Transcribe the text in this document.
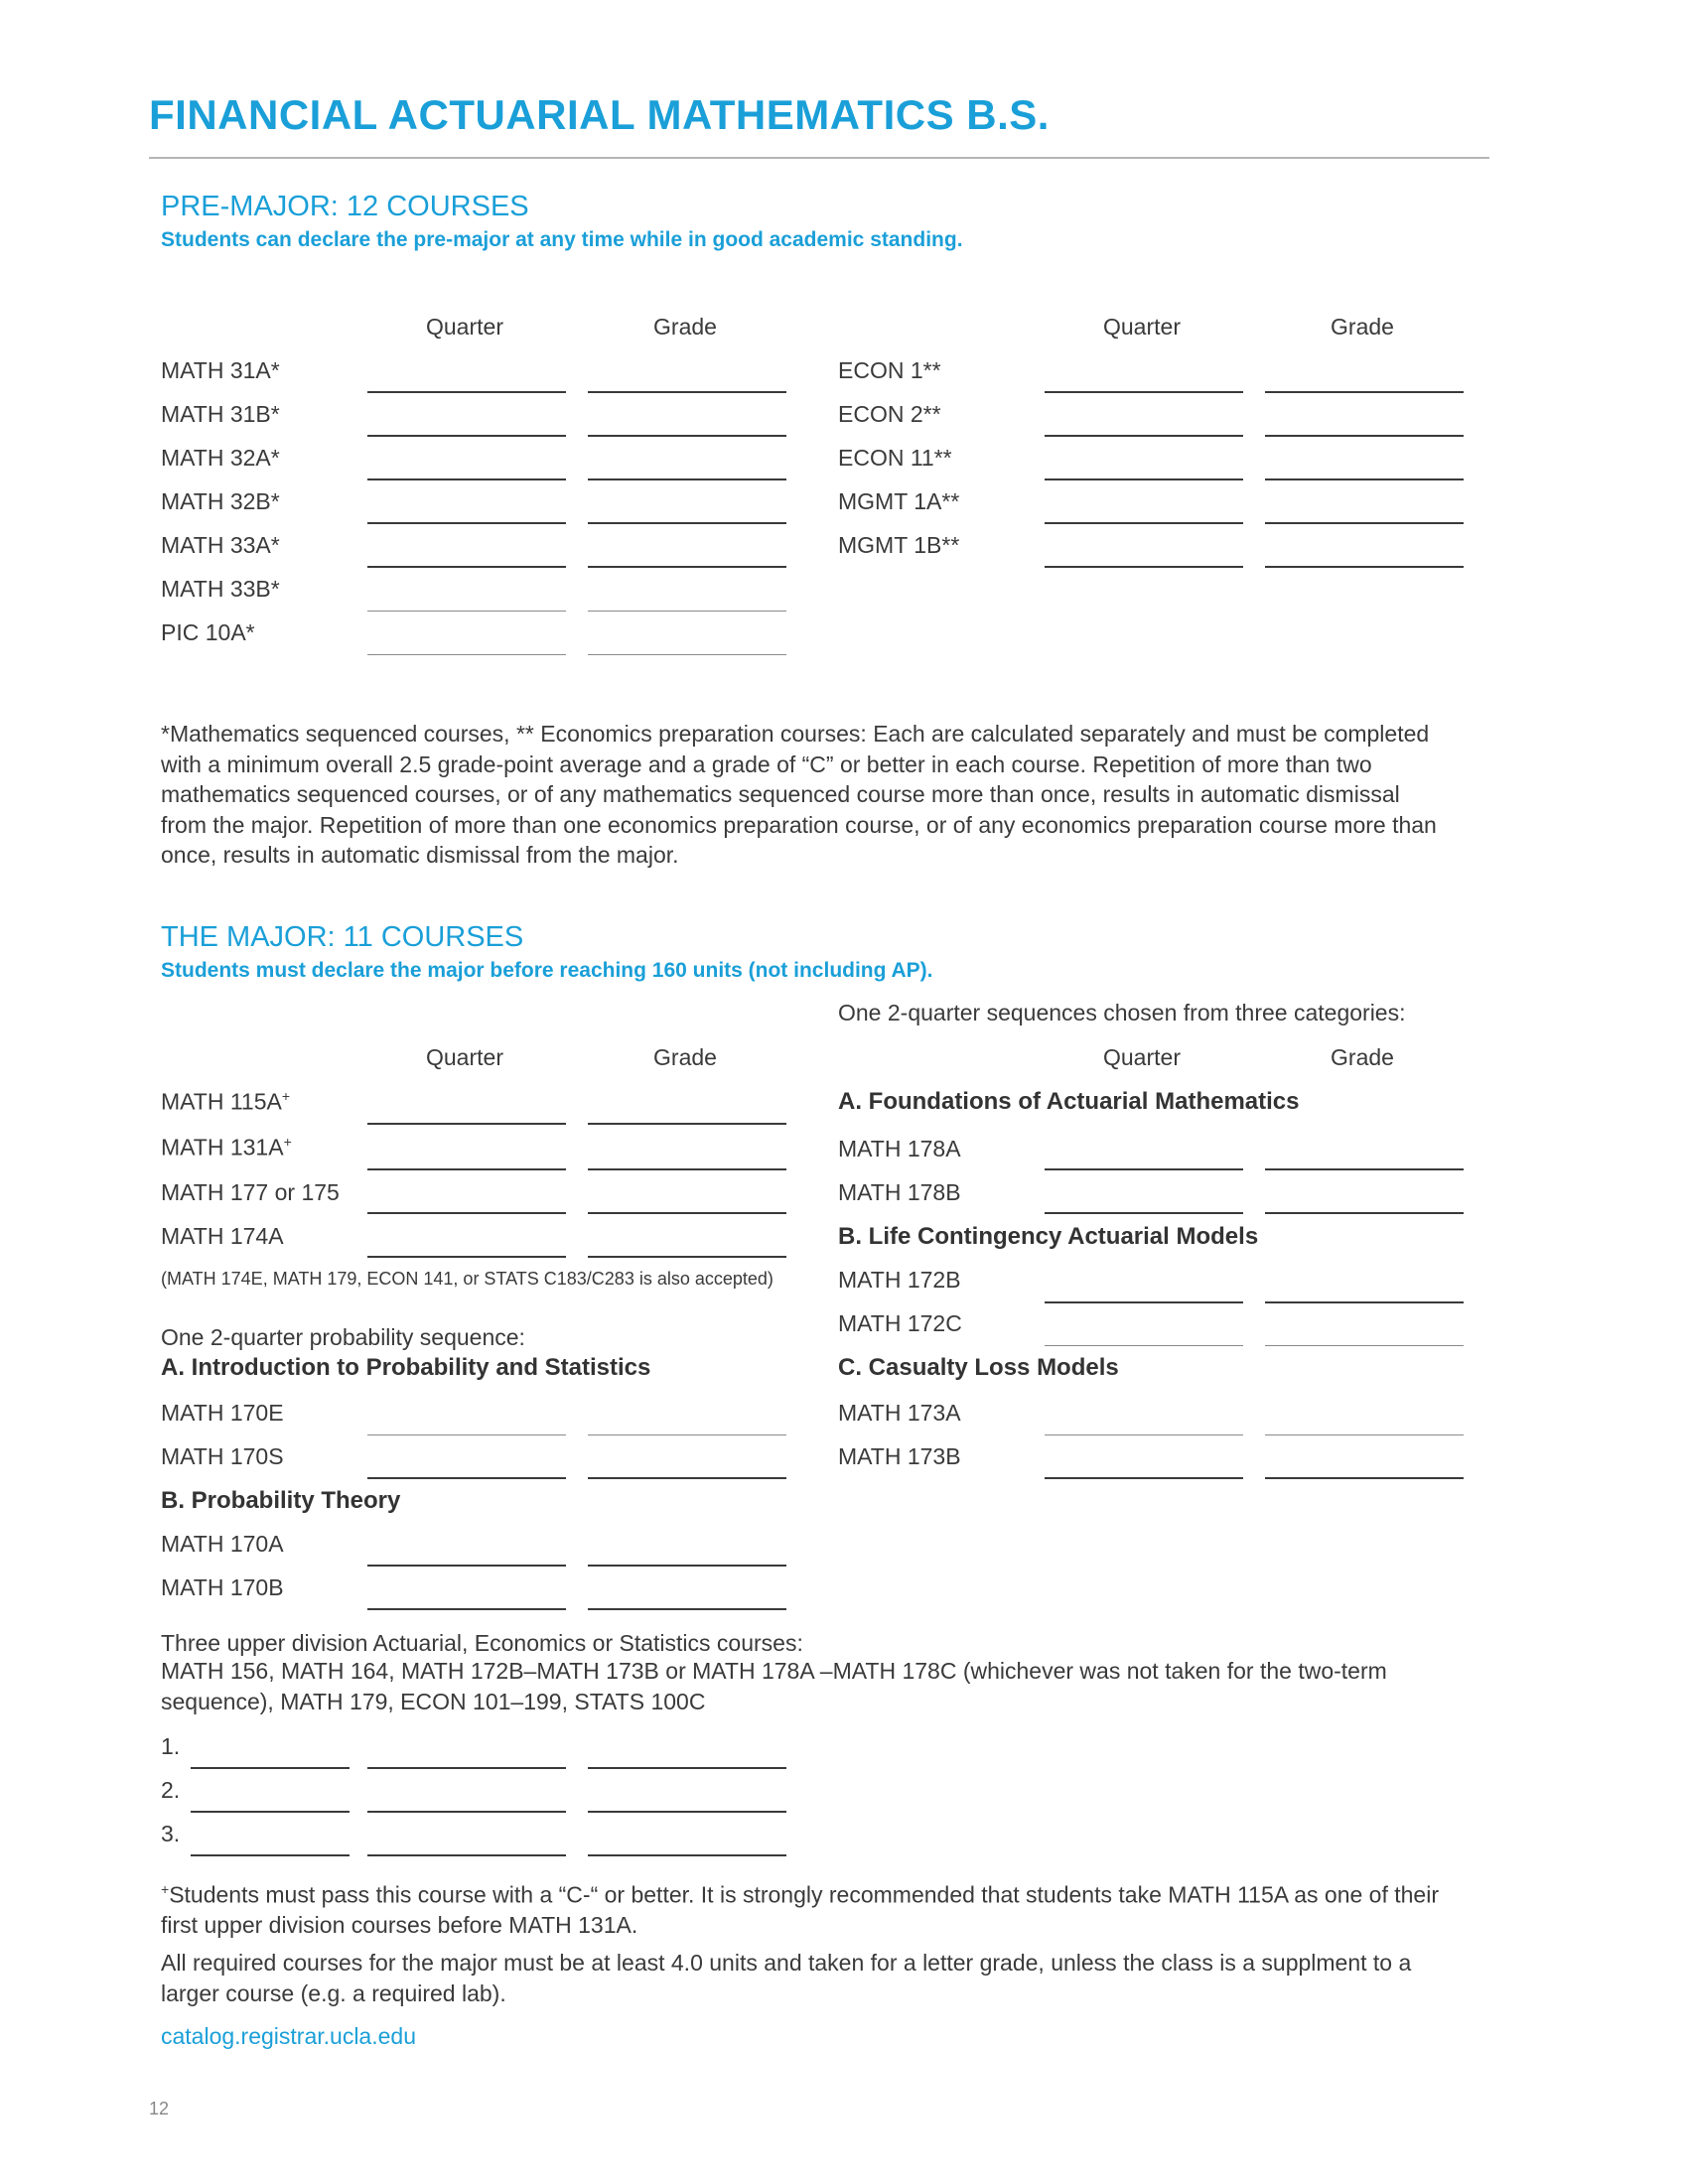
FINANCIAL ACTUARIAL MATHEMATICS B.S.
PRE-MAJOR: 12 COURSES
Students can declare the pre-major at any time while in good academic standing.
Quarter	Grade	Quarter	Grade
MATH 31A*
MATH 31B*
MATH 32A*
MATH 32B*
MATH 33A*
MATH 33B*
PIC 10A*
ECON 1**
ECON 2**
ECON 11**
MGMT 1A**
MGMT 1B**
*Mathematics sequenced courses, ** Economics preparation courses: Each are calculated separately and must be completed with a minimum overall 2.5 grade-point average and a grade of “C” or better in each course. Repetition of more than two mathematics sequenced courses, or of any mathematics sequenced course more than once, results in automatic dismissal from the major. Repetition of more than one economics preparation course, or of any economics preparation course more than once, results in automatic dismissal from the major.
THE MAJOR: 11 COURSES
Students must declare the major before reaching 160 units (not including AP).
One 2-quarter sequences chosen from three categories:
Quarter	Grade	Quarter	Grade
MATH 115A+
MATH 131A+
MATH 177 or 175
MATH 174A
(MATH 174E, MATH 179, ECON 141, or STATS C183/C283 is also accepted)
One 2-quarter probability sequence:
A. Introduction to Probability and Statistics
MATH 170E
MATH 170S
B. Probability Theory
MATH 170A
MATH 170B
A. Foundations of Actuarial Mathematics
MATH 178A
MATH 178B
B. Life Contingency Actuarial Models
MATH 172B
MATH 172C
C. Casualty Loss Models
MATH 173A
MATH 173B
Three upper division Actuarial, Economics or Statistics courses:
MATH 156, MATH 164, MATH 172B–MATH 173B or MATH 178A –MATH 178C (whichever was not taken for the two-term sequence), MATH 179, ECON 101–199, STATS 100C
1.
2.
3.
+Students must pass this course with a “C-“ or better. It is strongly recommended that students take MATH 115A as one of their first upper division courses before MATH 131A.
All required courses for the major must be at least 4.0 units and taken for a letter grade, unless the class is a supplment to a larger course (e.g. a required lab).
catalog.registrar.ucla.edu
12
